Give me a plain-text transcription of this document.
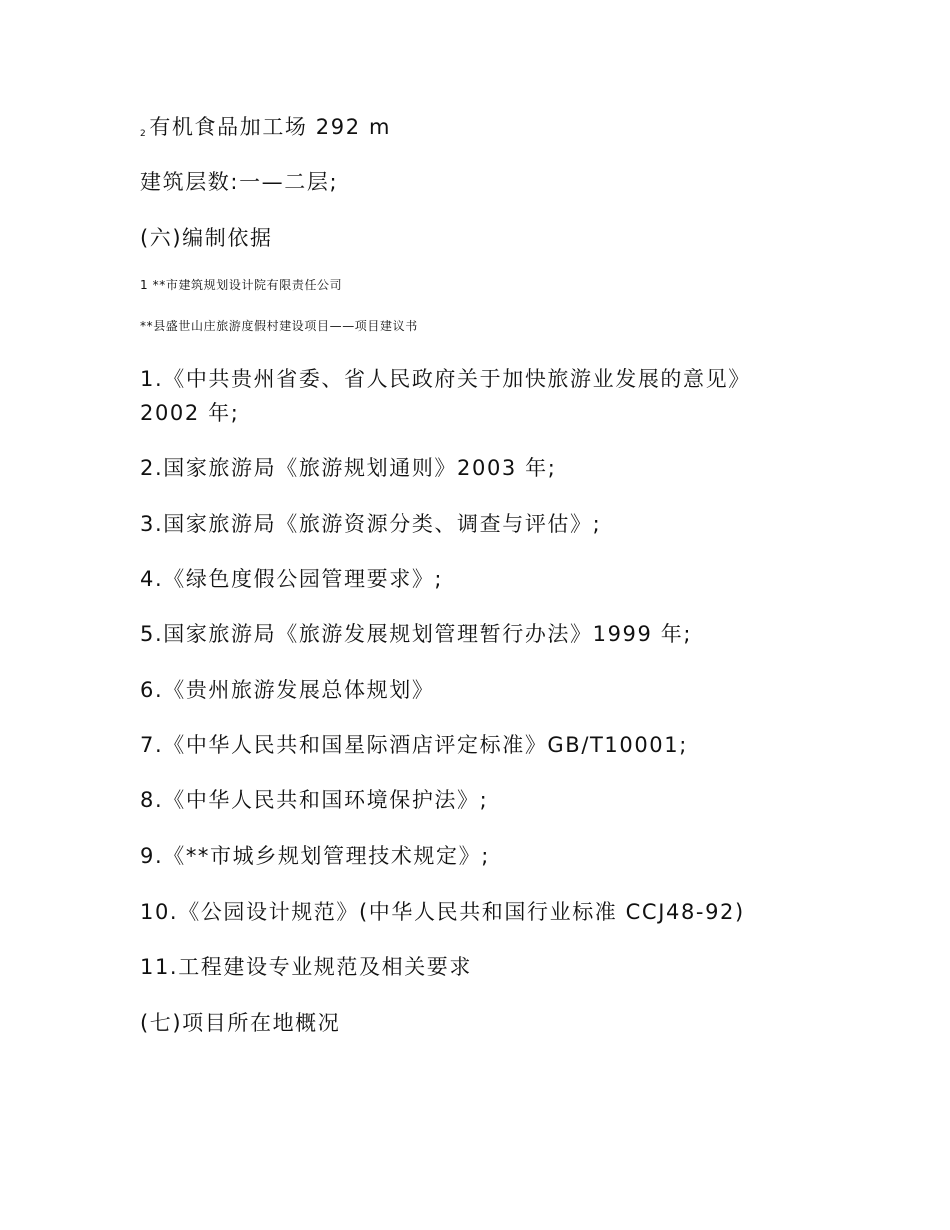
$_2$有机食品加工场 292 m
建筑层数:一—二层;
(六)编制依据
1 **市建筑规划设计院有限责任公司
**县盛世山庄旅游度假村建设项目——项目建议书
1.《中共贵州省委、省人民政府关于加快旅游业发展的意见》2002 年;
2.国家旅游局《旅游规划通则》2003 年;
3.国家旅游局《旅游资源分类、调查与评估》;
4.《绿色度假公园管理要求》;
5.国家旅游局《旅游发展规划管理暂行办法》1999 年;
6.《贵州旅游发展总体规划》
7.《中华人民共和国星际酒店评定标准》GB/T10001;
8.《中华人民共和国环境保护法》;
9.《**市城乡规划管理技术规定》;
10.《公园设计规范》(中华人民共和国行业标准 CCJ48-92)
11.工程建设专业规范及相关要求
(七)项目所在地概况
